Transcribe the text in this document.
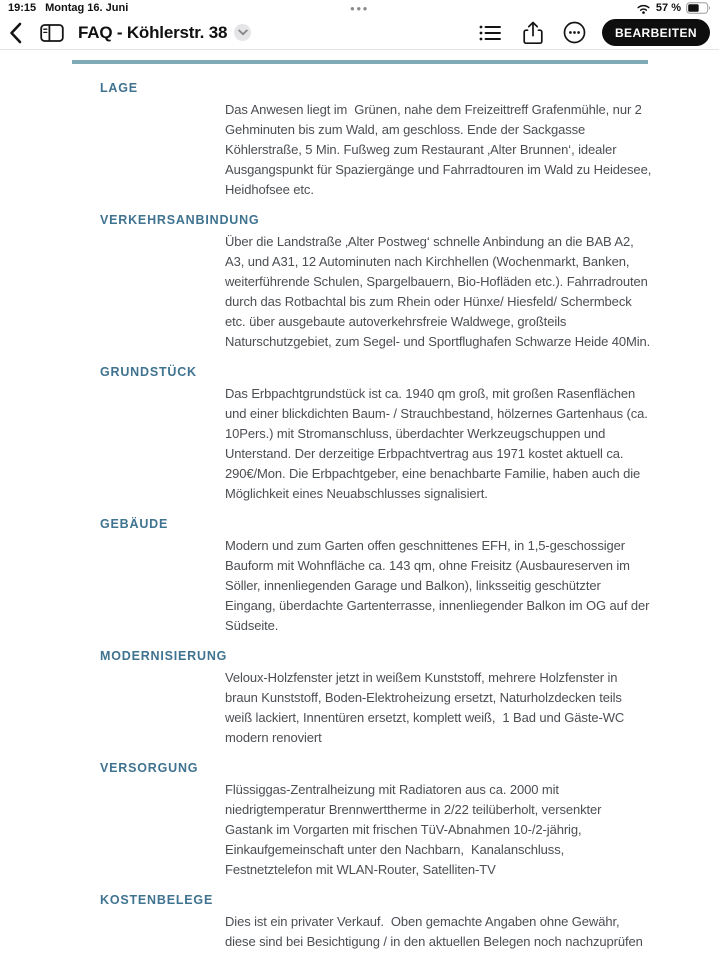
19:15 Montag 16. Juni	●●●	57 %
FAQ - Köhlerstr. 38	BEARBEITEN
LAGE
Das Anwesen liegt im  Grünen, nahe dem Freizeittreff Grafenmühle, nur 2 Gehminuten bis zum Wald, am geschloss. Ende der Sackgasse Köhlerstraße, 5 Min. Fußweg zum Restaurant ‚Alter Brunnen‘, idealer Ausgangspunkt für Spaziergänge und Fahrradtouren im Wald zu Heidesee, Heidhofsee etc.
VERKEHRSANBINDUNG
Über die Landstraße ‚Alter Postweg‘ schnelle Anbindung an die BAB A2, A3, und A31, 12 Autominuten nach Kirchhellen (Wochenmarkt, Banken, weiterführende Schulen, Spargelbauern, Bio-Hofläden etc.). Fahrradrouten durch das Rotbachtal bis zum Rhein oder Hünxe/ Hiesfeld/ Schermbeck etc. über ausgebaute autoverkehrsfreie Waldwege, großteils Naturschutzgebiet, zum Segel- und Sportflughafen Schwarze Heide 40Min.
GRUNDSTÜCK
Das Erbpachtgrundstück ist ca. 1940 qm groß, mit großen Rasenflächen und einer blickdichten Baum- / Strauchbestand, hölzernes Gartenhaus (ca. 10Pers.) mit Stromanschluss, überdachter Werkzeugschuppen und Unterstand. Der derzeitige Erbpachtvertrag aus 1971 kostet aktuell ca. 290€/Mon. Die Erbpachtgeber, eine benachbarte Familie, haben auch die Möglichkeit eines Neuabschlusses signalisiert.
GEBÄUDE
Modern und zum Garten offen geschnittenes EFH, in 1,5-geschossiger Bauform mit Wohnfläche ca. 143 qm, ohne Freisitz (Ausbaureserven im Söller, innenliegenden Garage und Balkon), linksseitig geschützter Eingang, überdachte Gartenterrasse, innenliegender Balkon im OG auf der Südseite.
MODERNISIERUNG
Veloux-Holzfenster jetzt in weißem Kunststoff, mehrere Holzfenster in braun Kunststoff, Boden-Elektroheizung ersetzt, Naturholzdecken teils weiß lackiert, Innentüren ersetzt, komplett weiß,  1 Bad und Gäste-WC modern renoviert
VERSORGUNG
Flüssiggas-Zentralheizung mit Radiatoren aus ca. 2000 mit niedrigtemperatur Brennwerttherme in 2/22 teilüberholt, versenkter Gastank im Vorgarten mit frischen TüV-Abnahmen 10-/2-jährig, Einkaufgemeinschaft unter den Nachbarn,  Kanalanschluss,  Festnetztelefon mit WLAN-Router, Satelliten-TV
KOSTENBELEGE
Dies ist ein privater Verkauf.  Oben gemachte Angaben ohne Gewähr, diese sind bei Besichtigung / in den aktuellen Belegen noch nachzuprüfen
